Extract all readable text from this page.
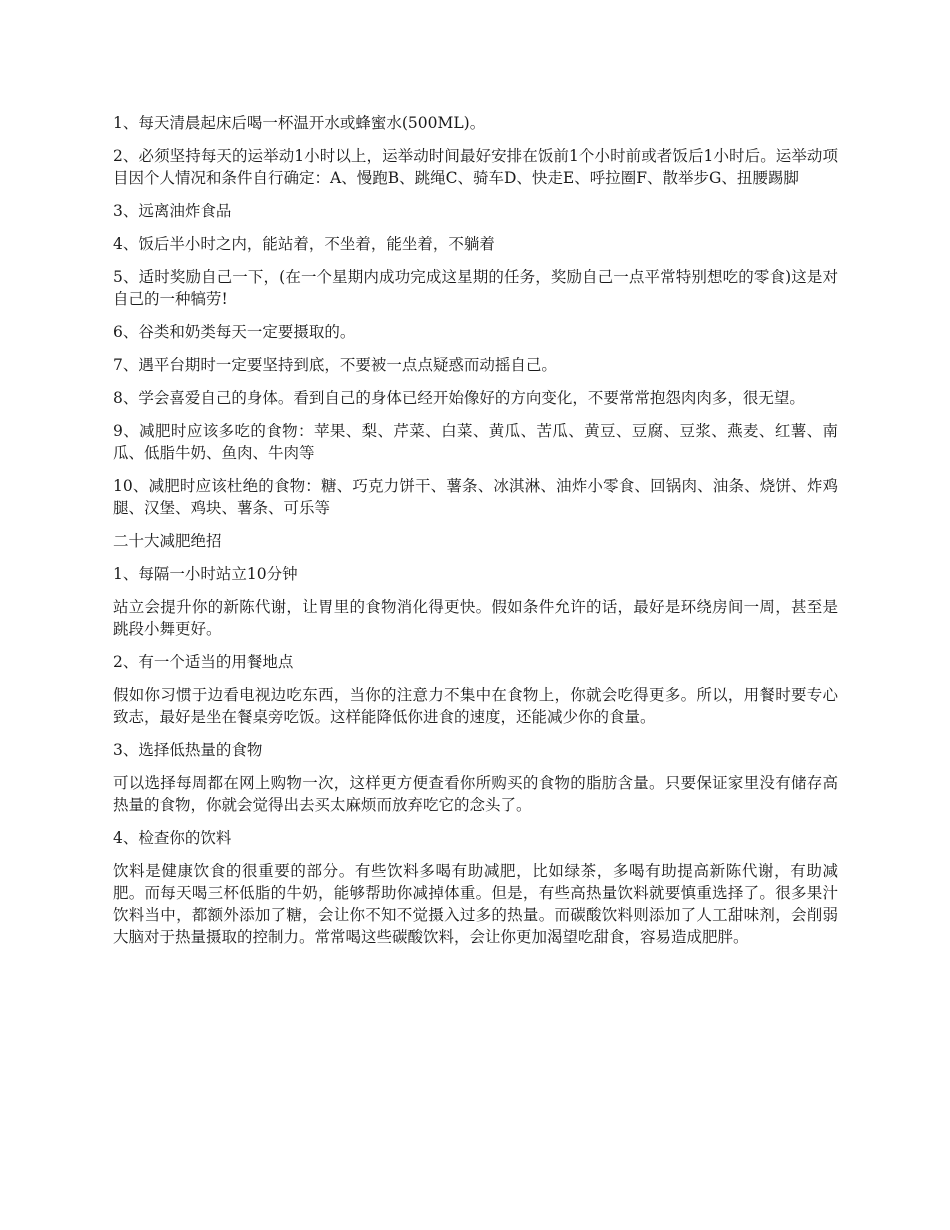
1、每天清晨起床后喝一杯温开水或蜂蜜水(500ML)。

2、必须坚持每天的运举动1小时以上，运举动时间最好安排在饭前1个小时前或者饭后1小时后。运举动项目因个人情况和条件自行确定：A、慢跑B、跳绳C、骑车D、快走E、呼拉圈F、散举步G、扭腰踢脚

3、远离油炸食品

4、饭后半小时之内，能站着，不坐着，能坐着，不躺着

5、适时奖励自己一下，(在一个星期内成功完成这星期的任务，奖励自己一点平常特别想吃的零食)这是对自己的一种犒劳!

6、谷类和奶类每天一定要摄取的。

7、遇平台期时一定要坚持到底，不要被一点点疑惑而动摇自己。

8、学会喜爱自己的身体。看到自己的身体已经开始像好的方向变化，不要常常抱怨肉肉多，很无望。

9、减肥时应该多吃的食物：苹果、梨、芹菜、白菜、黄瓜、苦瓜、黄豆、豆腐、豆浆、燕麦、红薯、南瓜、低脂牛奶、鱼肉、牛肉等

10、减肥时应该杜绝的食物：糖、巧克力饼干、薯条、冰淇淋、油炸小零食、回锅肉、油条、烧饼、炸鸡腿、汉堡、鸡块、薯条、可乐等

二十大减肥绝招

1、每隔一小时站立10分钟

站立会提升你的新陈代谢，让胃里的食物消化得更快。假如条件允许的话，最好是环绕房间一周，甚至是跳段小舞更好。

2、有一个适当的用餐地点

假如你习惯于边看电视边吃东西，当你的注意力不集中在食物上，你就会吃得更多。所以，用餐时要专心致志，最好是坐在餐桌旁吃饭。这样能降低你进食的速度，还能减少你的食量。

3、选择低热量的食物

可以选择每周都在网上购物一次，这样更方便查看你所购买的食物的脂肪含量。只要保证家里没有储存高热量的食物，你就会觉得出去买太麻烦而放弃吃它的念头了。

4、检查你的饮料

饮料是健康饮食的很重要的部分。有些饮料多喝有助减肥，比如绿茶，多喝有助提高新陈代谢，有助减肥。而每天喝三杯低脂的牛奶，能够帮助你减掉体重。但是，有些高热量饮料就要慎重选择了。很多果汁饮料当中，都额外添加了糖，会让你不知不觉摄入过多的热量。而碳酸饮料则添加了人工甜味剂，会削弱大脑对于热量摄取的控制力。常常喝这些碳酸饮料，会让你更加渴望吃甜食，容易造成肥胖。
